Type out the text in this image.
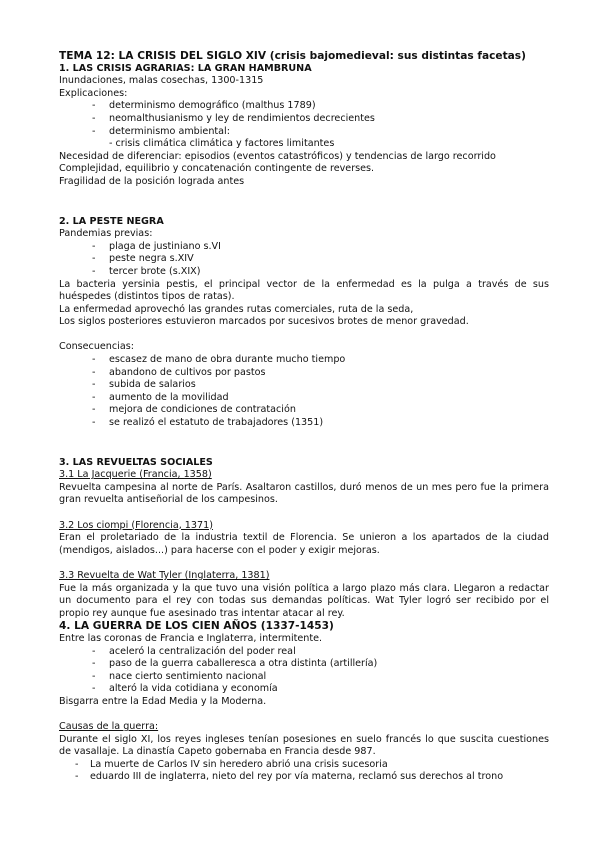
TEMA 12: LA CRISIS DEL SIGLO XIV (crisis bajomedieval: sus distintas facetas)
1. LAS CRISIS AGRARIAS: LA GRAN HAMBRUNA
Inundaciones, malas cosechas, 1300-1315
Explicaciones:
- determinismo demográfico (malthus 1789)
- neomalthusianismo y ley de rendimientos decrecientes
- determinismo ambiental:
- crisis climática climática y factores limitantes
Necesidad de diferenciar: episodios (eventos catastróficos) y tendencias de largo recorrido
Complejidad, equilibrio y concatenación contingente de reverses.
Fragilidad de la posición lograda antes
2. LA PESTE NEGRA
Pandemias previas:
- plaga de justiniano s.VI
- peste negra s.XIV
- tercer brote (s.XIX)
La bacteria yersinia pestis, el principal vector de la enfermedad es la pulga a través de sus huéspedes (distintos tipos de ratas).
La enfermedad aprovechó las grandes rutas comerciales, ruta de la seda,
Los siglos posteriores estuvieron marcados por sucesivos brotes de menor gravedad.
Consecuencias:
- escasez de mano de obra durante mucho tiempo
- abandono de cultivos por pastos
- subida de salarios
- aumento de la movilidad
- mejora de condiciones de contratación
- se realizó el estatuto de trabajadores (1351)
3. LAS REVUELTAS SOCIALES
3.1 La Jacquerie (Francia, 1358)
Revuelta campesina al norte de París. Asaltaron castillos, duró menos de un mes pero fue la primera gran revuelta antiseñorial de los campesinos.
3.2 Los ciompi (Florencia, 1371)
Eran el proletariado de la industria textil de Florencia. Se unieron a los apartados de la ciudad (mendigos, aislados...) para hacerse con el poder y exigir mejoras.
3.3 Revuelta de Wat Tyler (Inglaterra, 1381)
Fue la más organizada y la que tuvo una visión política a largo plazo más clara. Llegaron a redactar un documento para el rey con todas sus demandas políticas. Wat Tyler logró ser recibido por el propio rey aunque fue asesinado tras intentar atacar al rey.
4. LA GUERRA DE LOS CIEN AÑOS (1337-1453)
Entre las coronas de Francia e Inglaterra, intermitente.
- aceleró la centralización del poder real
- paso de la guerra caballeresca a otra distinta (artillería)
- nace cierto sentimiento nacional
- alteró la vida cotidiana y economía
Bisgarra entre la Edad Media y la Moderna.
Causas de la guerra:
Durante el siglo XI, los reyes ingleses tenían posesiones en suelo francés lo que suscita cuestiones de vasallaje. La dinastía Capeto gobernaba en Francia desde 987.
- La muerte de Carlos IV sin heredero abrió una crisis sucesoria
- eduardo III de inglaterra, nieto del rey por vía materna, reclamó sus derechos al trono
